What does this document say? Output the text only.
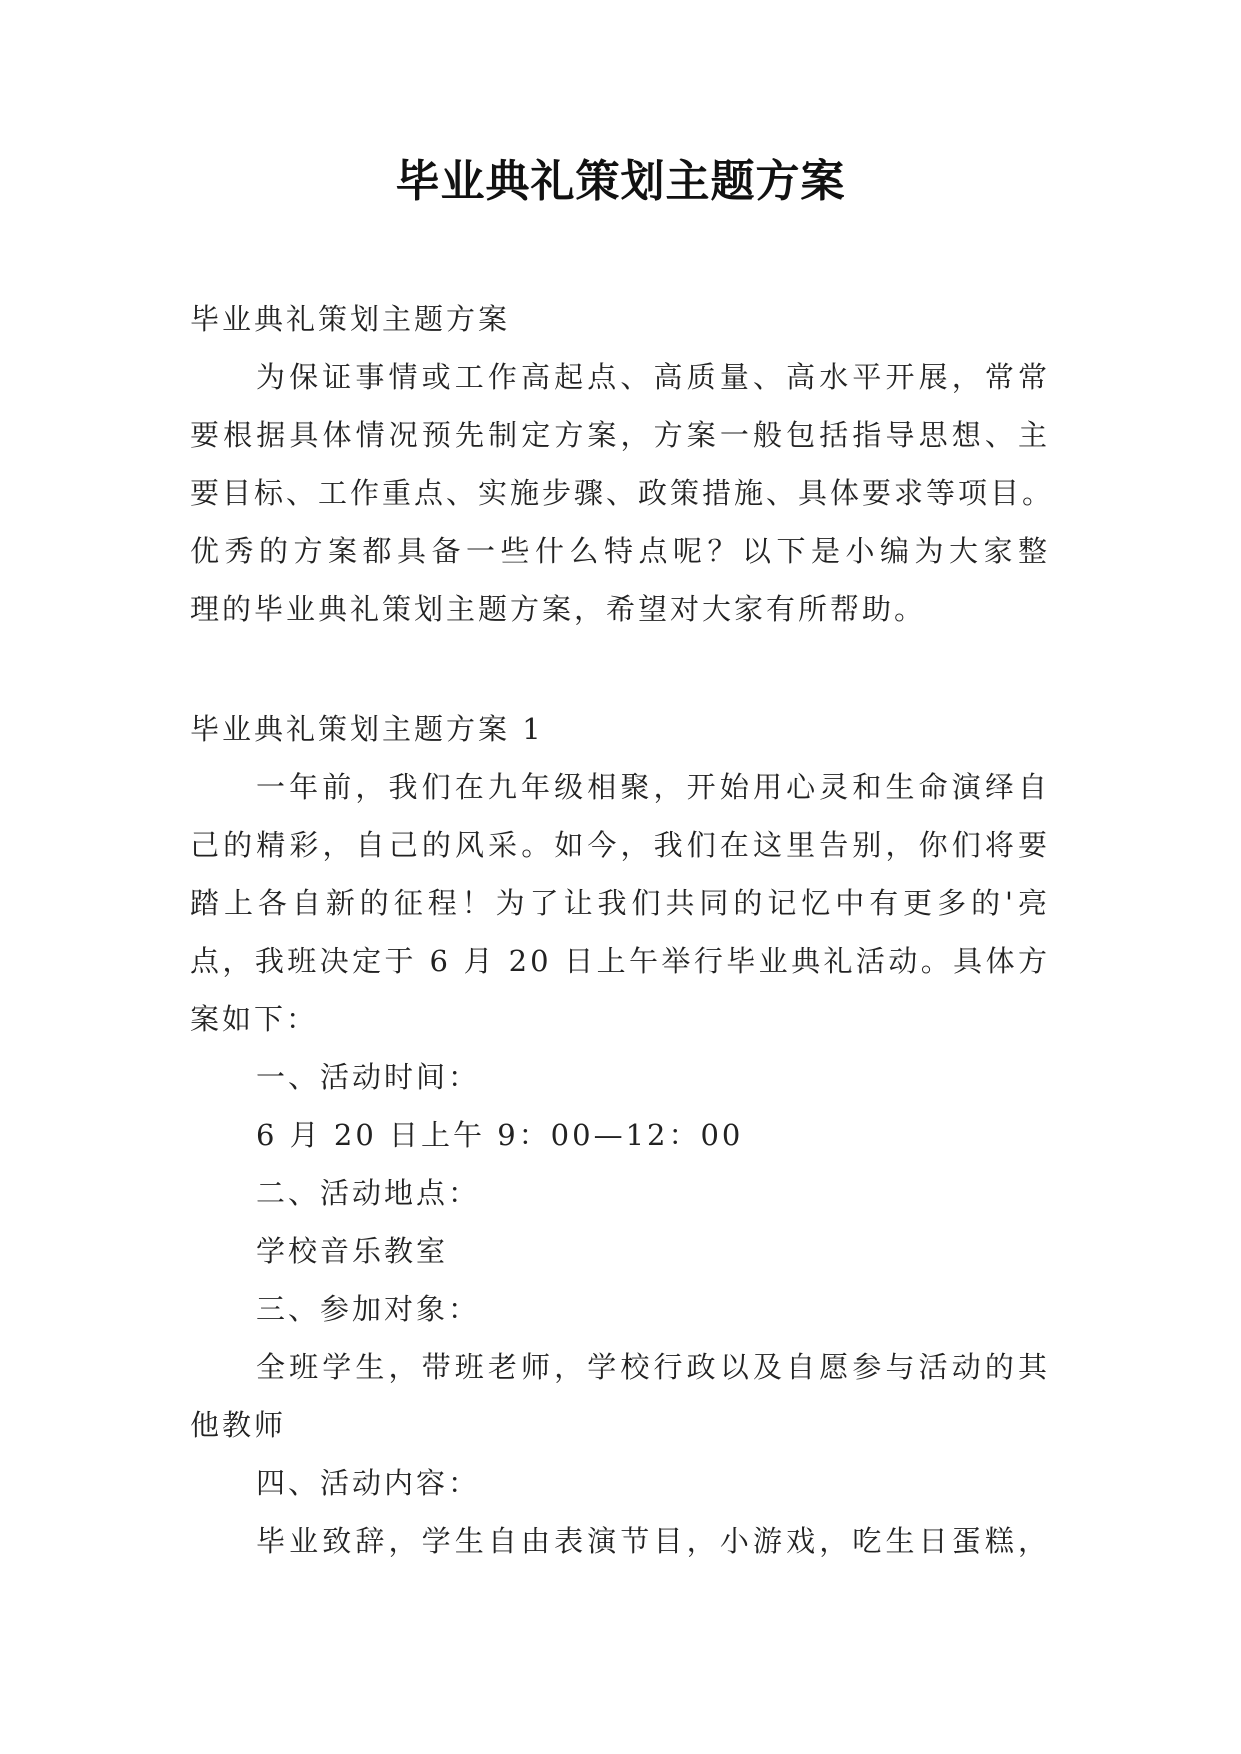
毕业典礼策划主题方案
毕业典礼策划主题方案
为保证事情或工作高起点、高质量、高水平开展，常常
要根据具体情况预先制定方案，方案一般包括指导思想、主
要目标、工作重点、实施步骤、政策措施、具体要求等项目。
优秀的方案都具备一些什么特点呢？以下是小编为大家整
理的毕业典礼策划主题方案，希望对大家有所帮助。
毕业典礼策划主题方案 1
一年前，我们在九年级相聚，开始用心灵和生命演绎自
己的精彩，自己的风采。如今，我们在这里告别，你们将要
踏上各自新的征程！为了让我们共同的记忆中有更多的'亮
点，我班决定于 6 月 20 日上午举行毕业典礼活动。具体方
案如下：
一、活动时间：
6 月 20 日上午 9：00—12：00
二、活动地点：
学校音乐教室
三、参加对象：
全班学生，带班老师，学校行政以及自愿参与活动的其
他教师
四、活动内容：
毕业致辞，学生自由表演节目，小游戏，吃生日蛋糕，
